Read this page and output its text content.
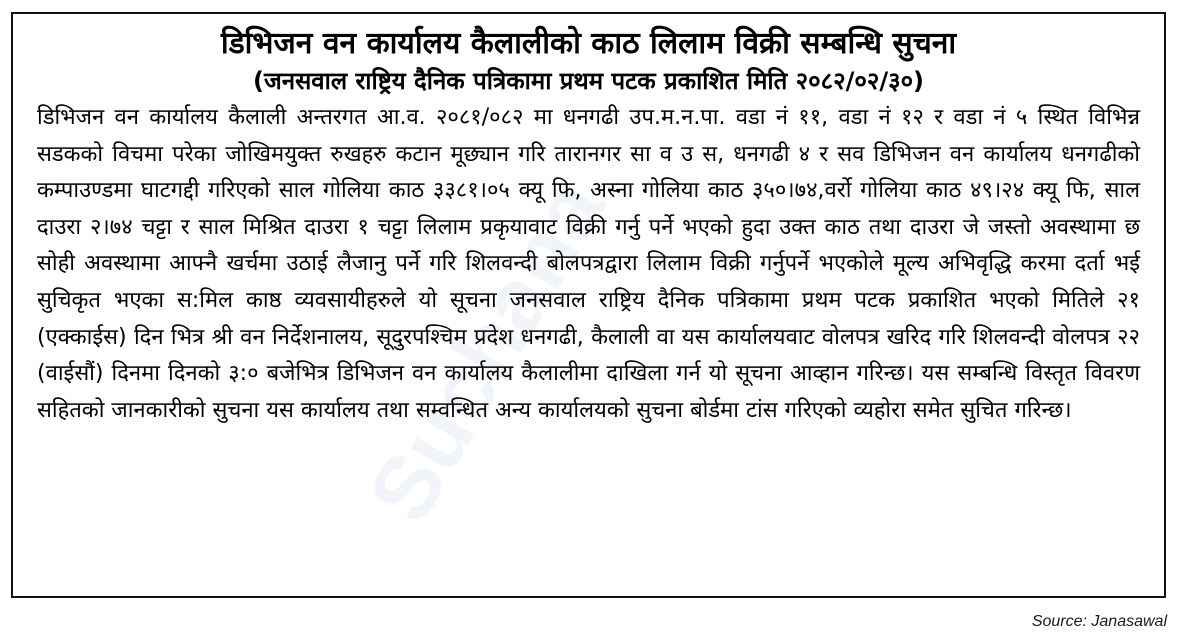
Suchana
डिभिजन वन कार्यालय कैलालीको काठ लिलाम विक्री सम्बन्धि सुचना
(जनसवाल राष्ट्रिय दैनिक पत्रिकामा प्रथम पटक प्रकाशित मिति २०८२/०२/३०)

डिभिजन वन कार्यालय कैलाली अन्तरगत आ.व. २०८१/०८२ मा धनगढी उप.म.न.पा. वडा नं ११, वडा नं १२ र वडा नं ५ स्थित विभिन्न सडकको विचमा परेका जोखिमयुक्त रुखहरु कटान मूछ्यान गरि तारानगर सा व उ स, धनगढी ४ र सव डिभिजन वन कार्यालय धनगढीको कम्पाउण्डमा घाटगद्दी गरिएको साल गोलिया काठ ३३८१।०५ क्यू फि, अस्ना गोलिया काठ ३५०।७४,वर्रो गोलिया काठ ४९।२४ क्यू फि, साल दाउरा २।७४ चट्टा र साल मिश्रित दाउरा १ चट्टा लिलाम प्रकृयावाट विक्री गर्नु पर्ने भएको हुदा उक्त काठ तथा दाउरा जे जस्तो अवस्थामा छ सोही अवस्थामा आफ्नै खर्चमा उठाई लैजानु पर्ने गरि शिलवन्दी बोलपत्रद्वारा लिलाम विक्री गर्नुपर्ने भएकोले मूल्य अभिवृद्धि करमा दर्ता भई सुचिकृत भएका स:मिल काष्ठ व्यवसायीहरुले यो सूचना जनसवाल राष्ट्रिय दैनिक पत्रिकामा प्रथम पटक प्रकाशित भएको मितिले २१ (एक्काईस) दिन भित्र श्री वन निर्देशनालय, सूदुरपश्चिम प्रदेश धनगढी, कैलाली वा यस कार्यालयवाट वोलपत्र खरिद गरि शिलवन्दी वोलपत्र २२ (वाईसौं) दिनमा दिनको ३:० बजेभित्र डिभिजन वन कार्यालय कैलालीमा दाखिला गर्न यो सूचना आव्हान गरिन्छ। यस सम्बन्धि विस्तृत विवरण सहितको जानकारीको सुचना यस कार्यालय तथा सम्वन्धित अन्य कार्यालयको सुचना बोर्डमा टांस गरिएको व्यहोरा समेत सुचित गरिन्छ।

Source: Janasawal
